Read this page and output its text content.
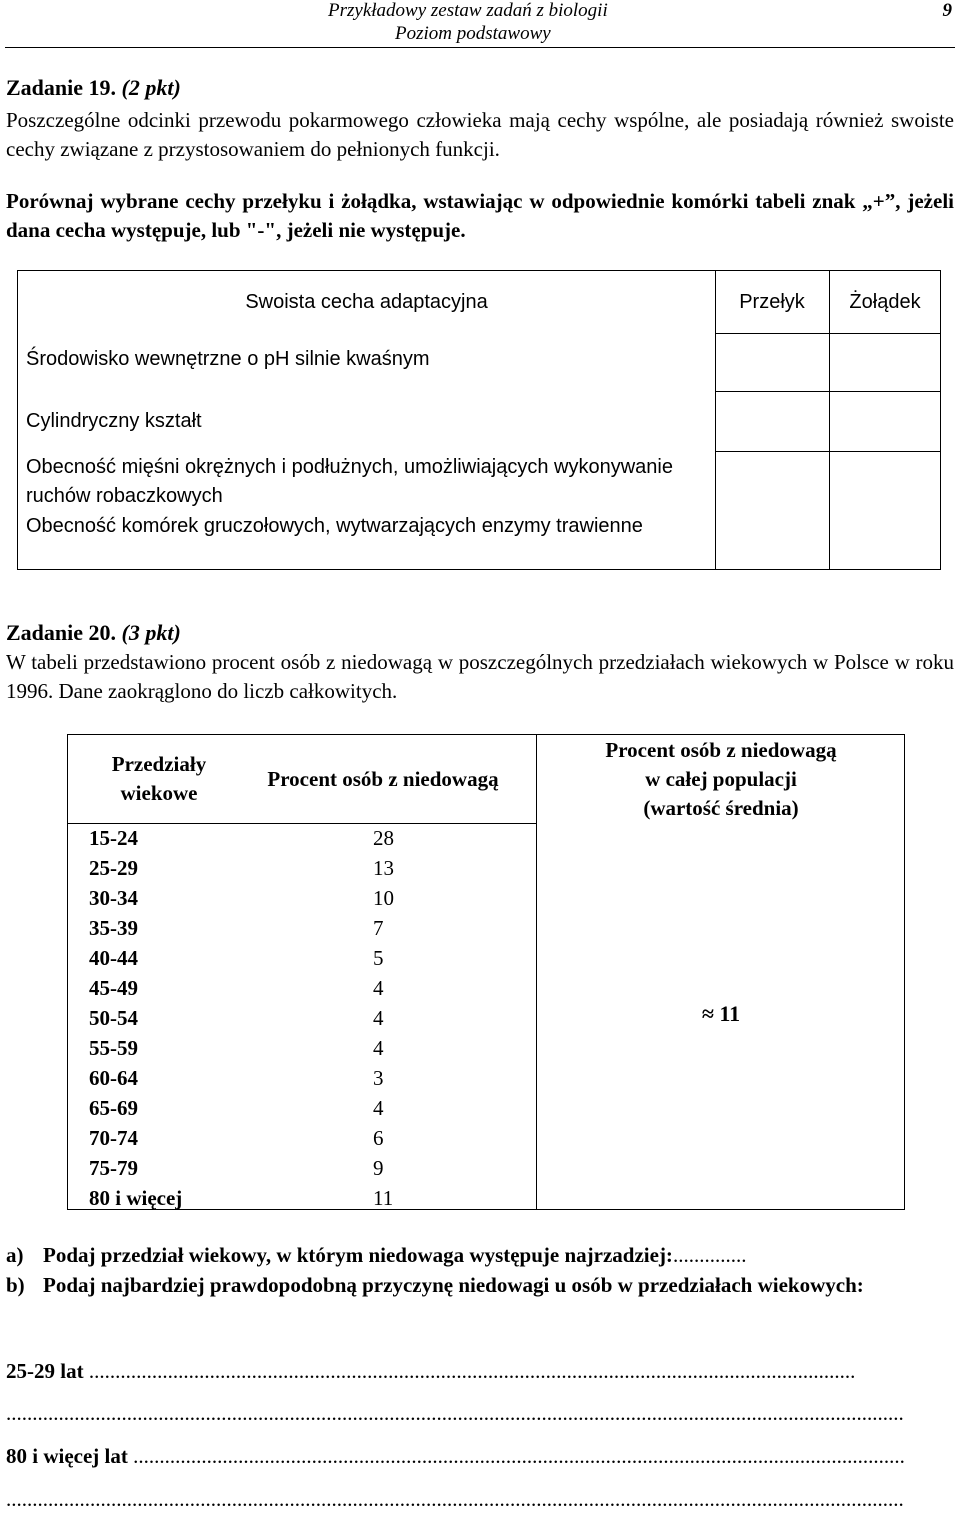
Przykładowy zestaw zadań z biologii
Poziom podstawowy
9
Zadanie 19. (2 pkt)
Poszczególne odcinki przewodu pokarmowego człowieka mają cechy wspólne, ale posiadają również swoiste cechy związane z przystosowaniem do pełnionych funkcji.
Porównaj wybrane cechy przełyku i żołądka, wstawiając w odpowiednie komórki tabeli znak „+”, jeżeli dana cecha występuje, lub "-", jeżeli nie występuje.
Swoista cecha adaptacyjna	Przełyk	Żołądek
Środowisko wewnętrzne o pH silnie kwaśnym
Cylindryczny kształt
Obecność mięśni okrężnych i podłużnych, umożliwiających wykonywanie ruchów robaczkowych
Obecność komórek gruczołowych, wytwarzających enzymy trawienne
Zadanie 20. (3 pkt)
W tabeli przedstawiono procent osób z niedowagą w poszczególnych przedziałach wiekowych w Polsce w roku 1996. Dane zaokrąglono do liczb całkowitych.
Przedziały wiekowe
Procent osób z niedowagą
Procent osób z niedowagą
w całej populacji
(wartość średnia)
15-24	28
25-29	13
30-34	10
35-39	7
40-44	5
45-49	4
50-54	4
55-59	4
60-64	3
65-69	4
70-74	6
75-79	9
80 i więcej	11
≈ 11
a) Podaj przedział wiekowy, w którym niedowaga występuje najrzadziej:..............
b) Podaj najbardziej prawdopodobną przyczynę niedowagi u osób w przedziałach wiekowych:
25-29 lat ..................................................................................................................................................
...........................................................................................................................................................................
80 i więcej lat ...................................................................................................................................................
...........................................................................................................................................................................
